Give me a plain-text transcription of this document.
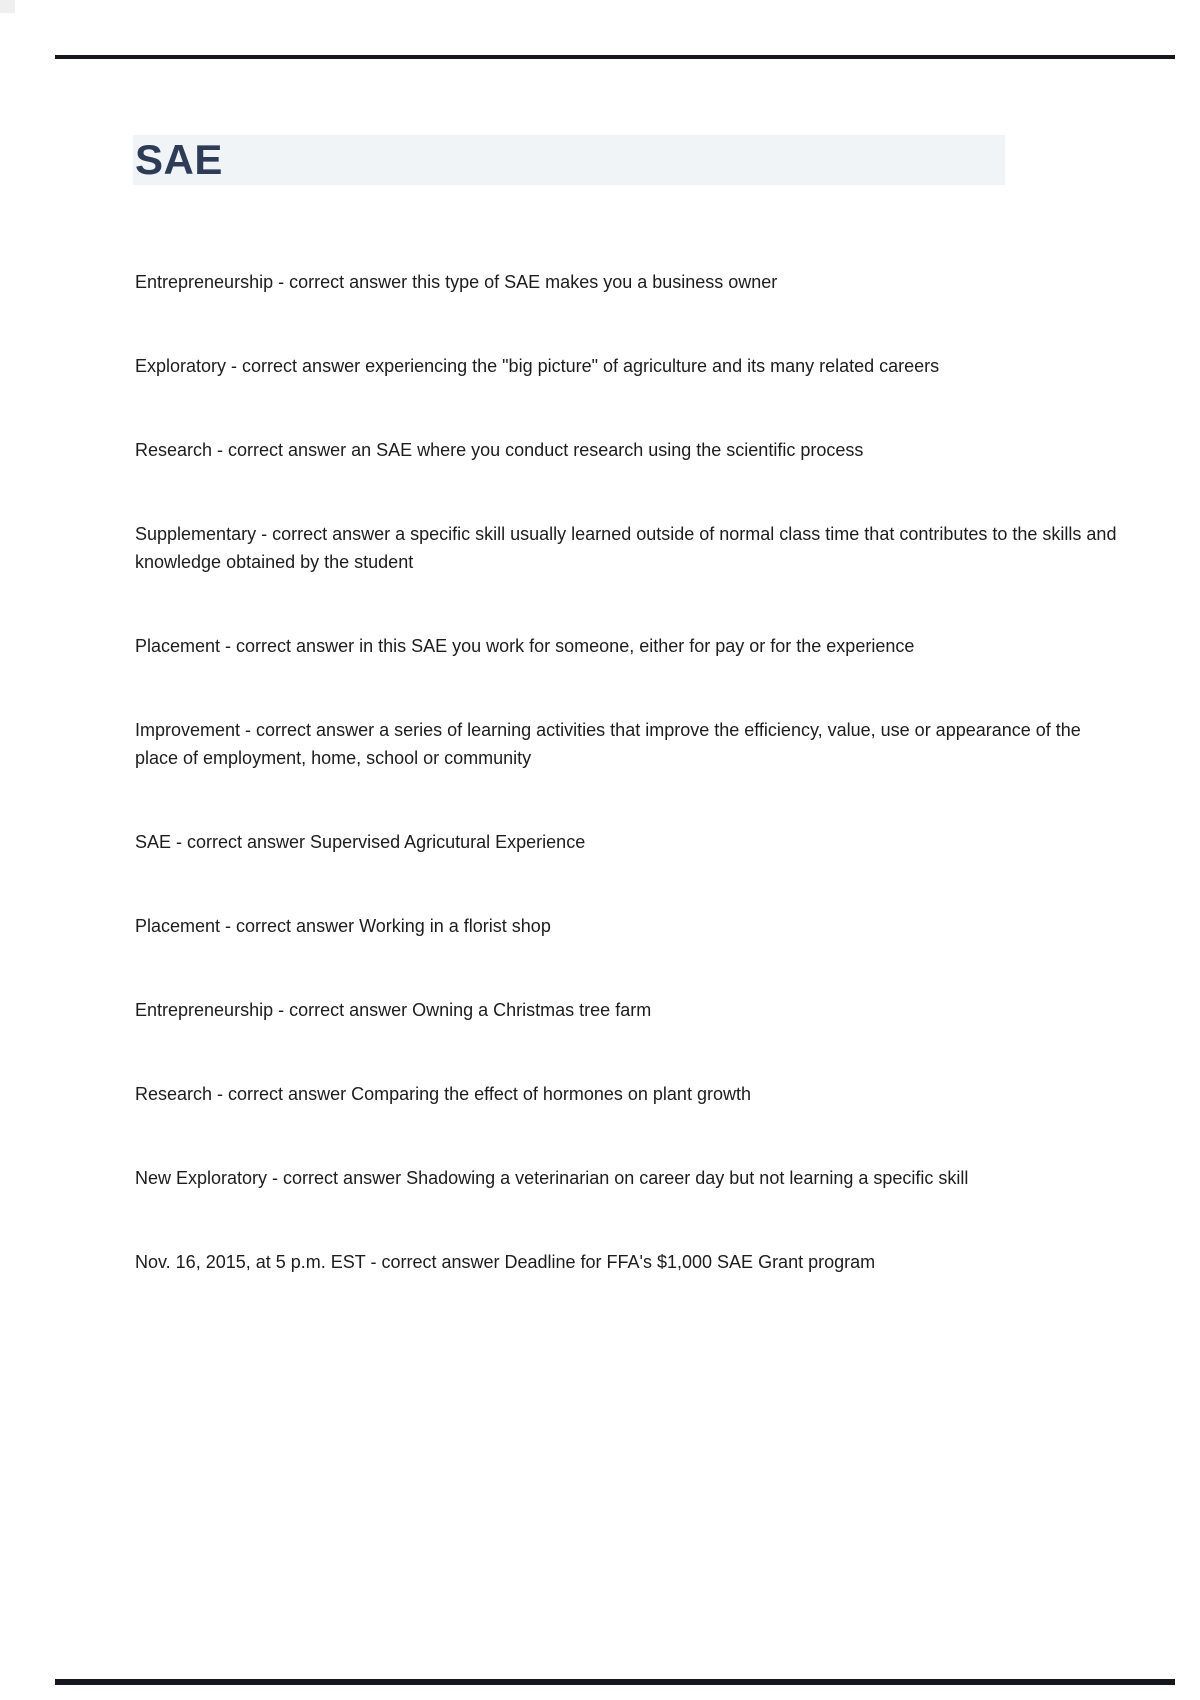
SAE

Entrepreneurship - correct answer this type of SAE makes you a business owner

Exploratory - correct answer experiencing the "big picture" of agriculture and its many related careers

Research - correct answer an SAE where you conduct research using the scientific process

Supplementary - correct answer a specific skill usually learned outside of normal class time that contributes to the skills and knowledge obtained by the student

Placement - correct answer in this SAE you work for someone, either for pay or for the experience

Improvement - correct answer a series of learning activities that improve the efficiency, value, use or appearance of the place of employment, home, school or community

SAE - correct answer Supervised Agricutural Experience

Placement - correct answer Working in a florist shop

Entrepreneurship - correct answer Owning a Christmas tree farm

Research - correct answer Comparing the effect of hormones on plant growth

New Exploratory - correct answer Shadowing a veterinarian on career day but not learning a specific skill

Nov. 16, 2015, at 5 p.m. EST - correct answer Deadline for FFA's $1,000 SAE Grant program
